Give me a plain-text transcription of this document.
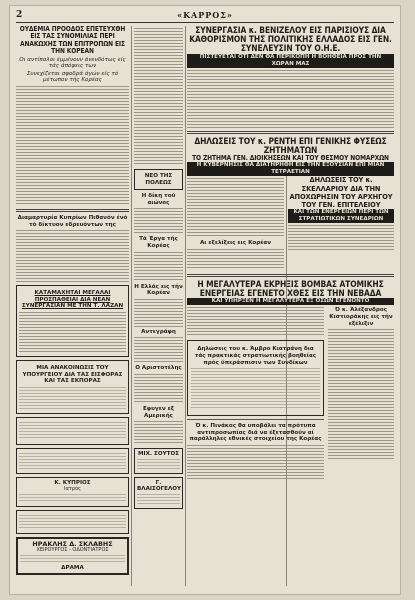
2	«ΚΑΡΡΟΣ»
ΟΥΔΕΜΙΑ ΠΡΟΟΔΟΣ ΕΠΕΤΕΥΧΘΗ ΕΙΣ ΤΑΣ ΣΥΝΟΜΙΛΙΑΣ ΠΕΡΙ ΑΝΑΚΩΧΗΣ ΤΩΝ ΕΠΙΤΡΟΠΩΝ ΕΙΣ ΤΗΝ ΚΟΡΕΑΝ
Οι αντίπαλοι έμμένουν άνενδότως είς τάς άπόψεις των
Συνεχίζεται σφοδρά άγών είς τό μέτωπον τής Κορέας
Διαμαρτυρία Κυπρίων Πιθανόν ένό τό δίκτυον εδρευόντων της
ΚΑΤΑΜΑΧΗΤΑΙ ΜΕΓΑΛΑΙ ΠΡΟΣΠΑΘΕΙΑΙ ΔΙΑ ΝΕΑΝ ΣΥΝΕΡΓΑΣΙΑΝ ΜΕ ΤΗΝ Τ. ΛΑΖΑΝ
ΜΙΑ ΑΝΑΚΟΙΝΩΣΙΣ ΤΟΥ ΥΠΟΥΡΓΕΙΟΥ ΔΙΑ ΤΑΣ ΕΙΣΦΟΡΑΣ ΚΑΙ ΤΑΣ ΕΚΠΟΡΑΣ
Κ. ΚΥΠΡΙΟΣ
Ιατρός
ΗΡΑΚΛΗΣ Δ. ΣΚΛΑΒΗΣ
ΧΕΙΡΟΥΡΓΟΣ - ΟΔΟΝΤΙΑΤΡΟΣ
ΔΡΑΜΑ
ΝΕΟ ΤΗΣ ΠΟΛΕΩΣ
Η δίκη τού αιώνος
Τά Έργα τής Κορέας
Η Ελλάς εις τήν Κορέαν
Αντεγράφη
Ο Αριστοτέλης
Εφυγεν εξ Αμερικής
ΜΙΧ. ΣΟΥΤΟΣ
Γ. ΒΛΑΙΣΟΓΕΛΟΥ
ΣΥΝΕΡΓΑΣΙΑ κ. ΒΕΝΙΖΕΛΟΥ ΕΙΣ ΠΑΡΙΣΙΟΥΣ ΔΙΑ ΚΑΘΟΡΙΣΜΟΝ ΤΗΣ ΠΟΛΙΤΙΚΗΣ ΕΛΛΑΔΟΣ ΕΙΣ ΓΕΝ. ΣΥΝΕΛΕΥΣΙΝ ΤΟΥ Ο.Η.Ε.
ΠΙΣΤΕΥΕΤΑΙ ΟΤΙ ΔΕΝ ΘΑ ΠΕΡΙΚΟΠΗ Η ΒΟΗΘΕΙΑ ΠΡΟΣ ΤΗΝ ΧΩΡΑΝ ΜΑΣ
ΔΗΛΩΣΕΙΣ ΤΟΥ κ. ΡΕΝΤΗ ΕΠΙ ΓΕΝΙΚΗΣ ΦΥΣΕΩΣ ΖΗΤΗΜΑΤΩΝ
ΤΟ ΖΗΤΗΜΑ ΓΕΝ. ΔΙΟΙΚΗΣΕΩΝ ΚΑΙ ΤΟΥ ΘΕΣΜΟΥ ΝΟΜΑΡΧΩΝ
Η ΚΥΒΕΡΝΗΣΙΣ ΘΑ ΔΙΑΤΗΡΗΘΗ ΕΙΣ ΤΗΝ ΕΞΟΥΣΙΑΝ ΕΠΙ ΜΙΑΝ ΤΕΤΡΑΕΤΙΑΝ
Αι εξελίξεις εις Κορέαν
ΔΗΛΩΣΕΙΣ ΤΟΥ κ. ΣΚΕΛΛΑΡΙΟΥ ΔΙΑ ΤΗΝ ΑΠΟΧΩΡΗΣΙΝ ΤΟΥ ΑΡΧΗΓΟΥ ΤΟΥ ΓΕΝ. ΕΠΙΤΕΛΕΙΟΥ
ΚΑΙ ΤΩΝ ΕΝΕΡΓΕΙΩΝ ΠΕΡΙ ΤΩΝ ΣΤΡΑΤΙΩΤΙΚΩΝ ΣΥΝΕΔΡΙΩΝ
Η ΜΕΓΑΛΥΤΕΡΑ ΕΚΡΗΞΙΣ ΒΟΜΒΑΣ ΑΤΟΜΙΚΗΣ ΕΝΕΡΓΕΙΑΣ ΕΓΕΝΕΤΟ ΧΘΕΣ ΕΙΣ ΤΗΝ ΝΕΒΑΔΑ
ΚΑΙ ΥΠΗΡΞΕΝ Η ΜΕΓΑΛΥΤΕΡΑ ΕΞ ΟΣΩΝ ΕΓΕΝΟΝΤΟ
Δηλώσεις του κ. Άμβρο Κιατράνη δια τάς πρακτικάς στρατιωτικής βοηθείας πρός ύπεράσπισιν των Συνδίκων
Ό κ. Πινάκος θα υποβάλει τα πρότυπα αντιπροσωπίας διά να έξετασθούν αί παράλληλες εθνικές στοιχείου της Κορέας
Ό κ. Άλέξανδρος Κιστιοράκης εις τήν εξέλιξιν
